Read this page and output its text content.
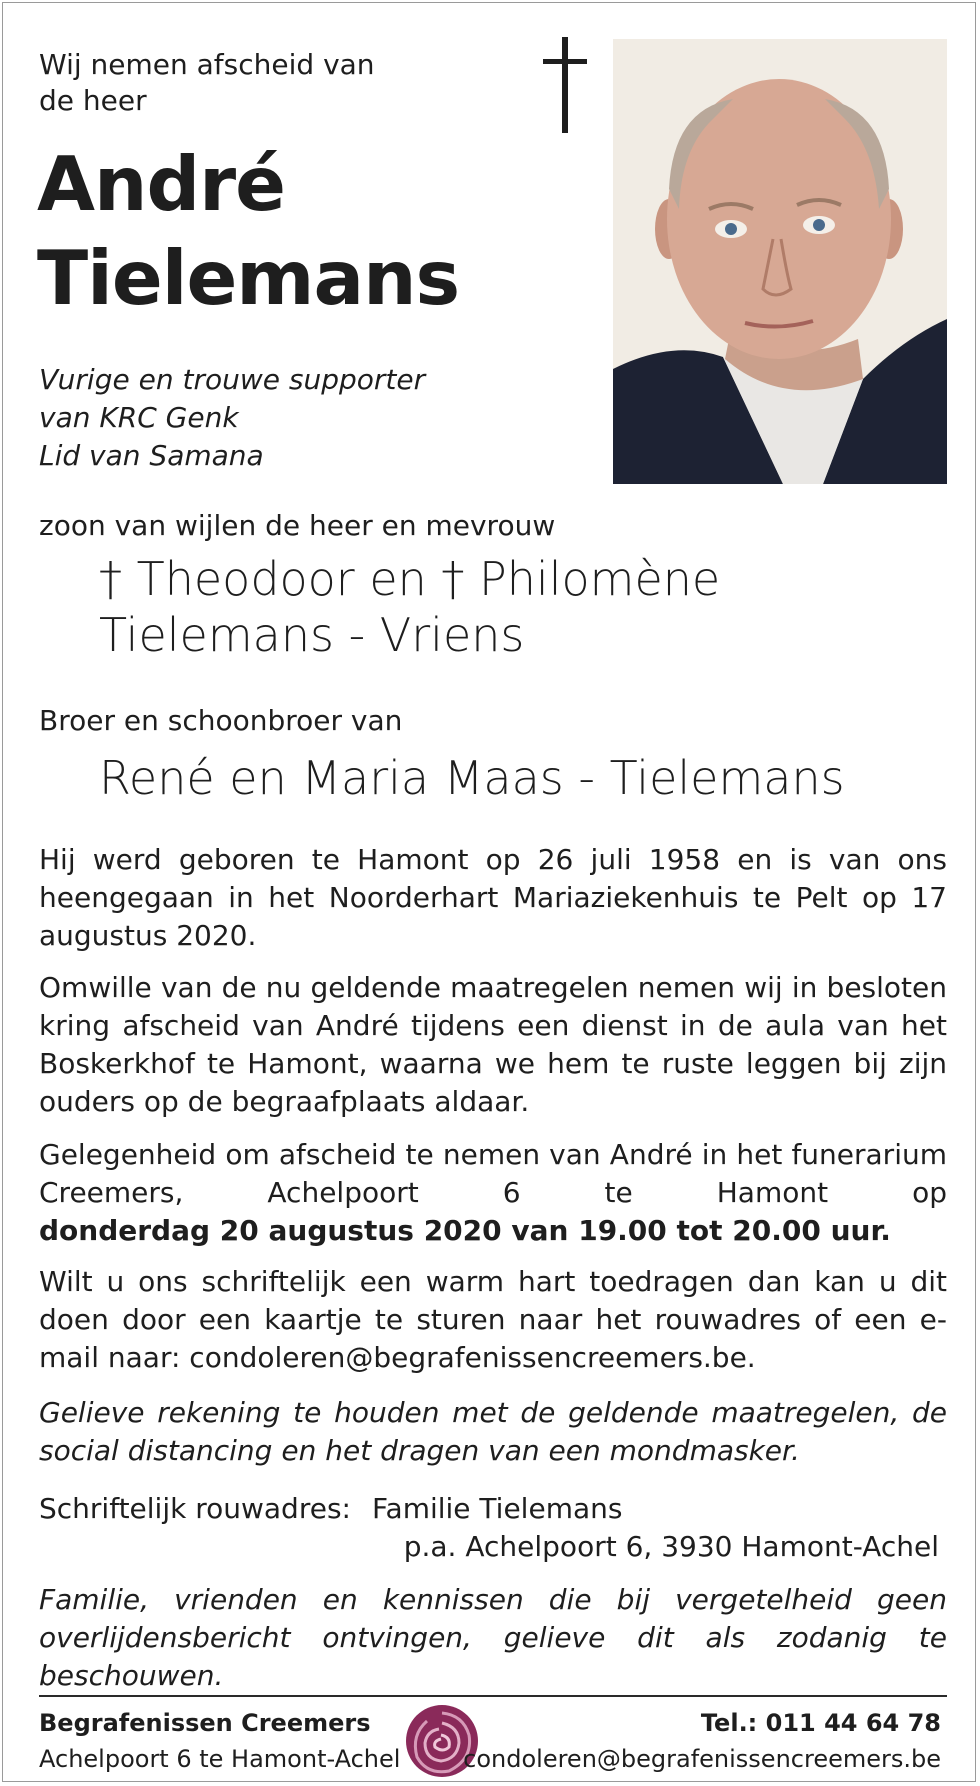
Wij nemen afscheid van
de heer
André
Tielemans
Vurige en trouwe supporter
van KRC Genk
Lid van Samana
zoon van wijlen de heer en mevrouw
† Theodoor en † Philomène
Tielemans - Vriens
Broer en schoonbroer van
René en Maria Maas - Tielemans
Hij werd geboren te Hamont op 26 juli 1958 en is van ons heengegaan in het Noorderhart Mariaziekenhuis te Pelt op 17 augustus 2020.
Omwille van de nu geldende maatregelen nemen wij in besloten kring afscheid van André tijdens een dienst in de aula van het Boskerkhof te Hamont, waarna we hem te ruste leggen bij zijn ouders op de begraafplaats aldaar.
Gelegenheid om afscheid te nemen van André in het funerarium Creemers, Achelpoort 6 te Hamont op
donderdag 20 augustus 2020 van 19.00 tot 20.00 uur.
Wilt u ons schriftelijk een warm hart toedragen dan kan u dit doen door een kaartje te sturen naar het rouwadres of een e-mail naar: condoleren@begrafenissencreemers.be.
Gelieve rekening te houden met de geldende maatregelen, de social distancing en het dragen van een mondmasker.
Schriftelijk rouwadres: Familie Tielemans
p.a. Achelpoort 6, 3930 Hamont-Achel
Familie, vrienden en kennissen die bij vergetelheid geen overlijdensbericht ontvingen, gelieve dit als zodanig te beschouwen.
Begrafenissen Creemers
Achelpoort 6 te Hamont-Achel
Tel.: 011 44 64 78
condoleren@begrafenissencreemers.be
